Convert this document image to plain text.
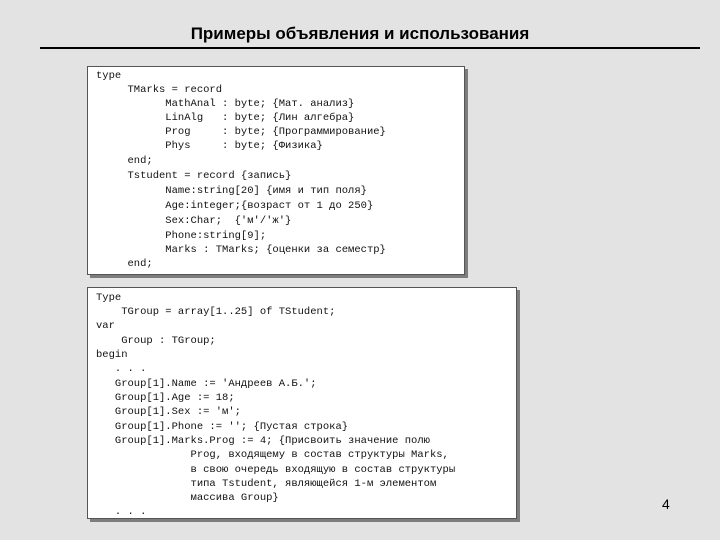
Примеры объявления и использования
type
TMarks = record
MathAnal : byte; {Мат. анализ}
LinAlg   : byte; {Лин алгебра}
Prog     : byte; {Программирование}
Phys     : byte; {Физика}
end;
Tstudent = record {запись}
Name:string[20] {имя и тип поля}
Age:integer;{возраст от 1 до 250}
Sex:Char;  {'м'/'ж'}
Phone:string[9];
Marks : TMarks; {оценки за семестр}
end;
Type
TGroup = array[1..25] of TStudent;
var
Group : TGroup;
begin
. . .
Group[1].Name := 'Андреев А.Б.';
Group[1].Age := 18;
Group[1].Sex := 'м';
Group[1].Phone := ''; {Пустая строка}
Group[1].Marks.Prog := 4; {Присвоить значение полю
Prog, входящему в состав структуры Marks,
в свою очередь входящую в состав структуры
типа Tstudent, являющейся 1-м элементом
массива Group}
. . .	4
